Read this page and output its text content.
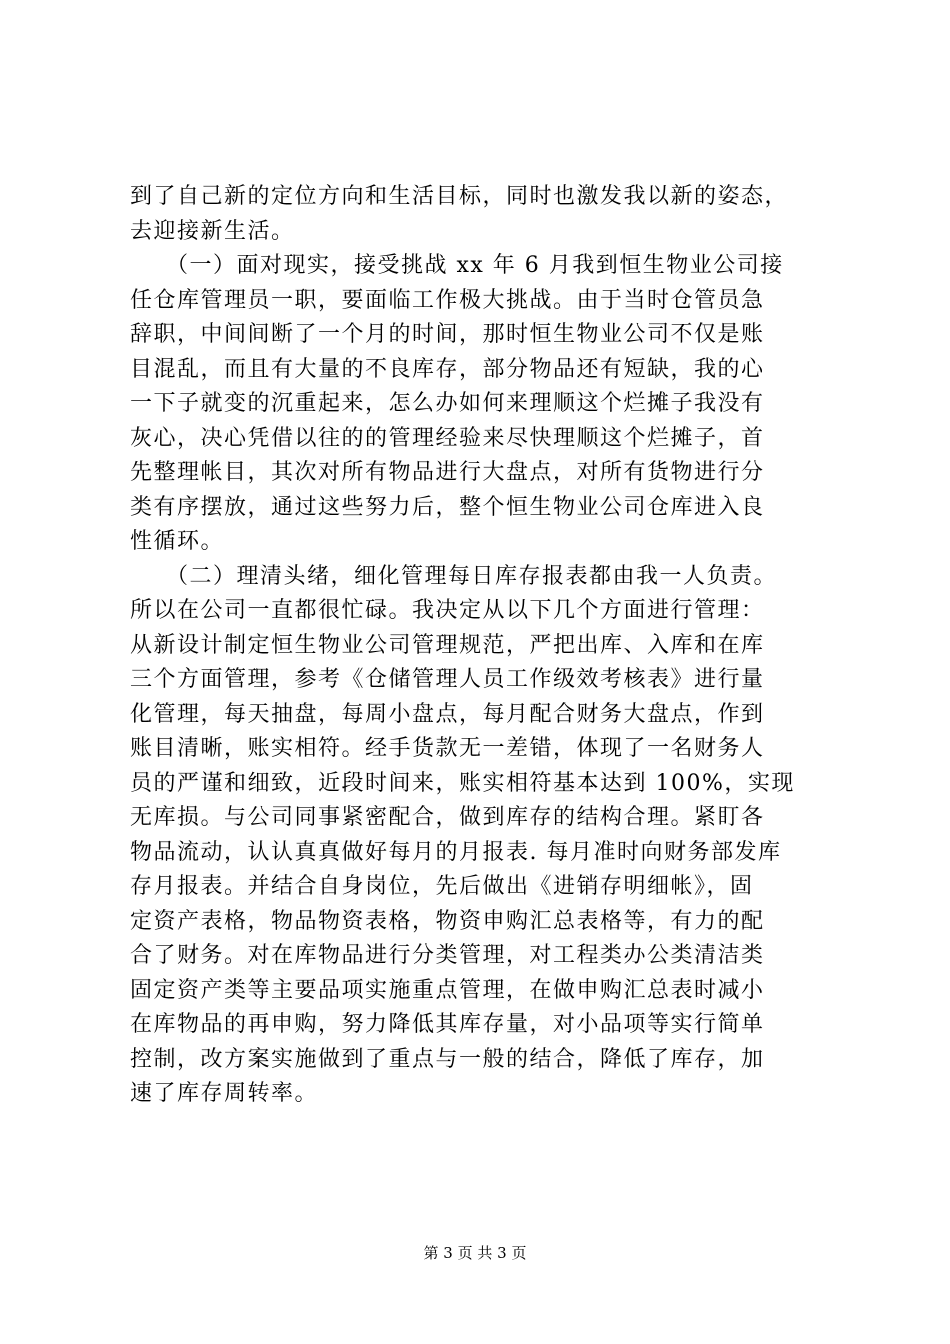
到了自己新的定位方向和生活目标，同时也激发我以新的姿态，
去迎接新生活。
　　（一）面对现实，接受挑战 xx 年 6 月我到恒生物业公司接
任仓库管理员一职，要面临工作极大挑战。由于当时仓管员急
辞职，中间间断了一个月的时间，那时恒生物业公司不仅是账
目混乱，而且有大量的不良库存，部分物品还有短缺，我的心
一下子就变的沉重起来，怎么办如何来理顺这个烂摊子我没有
灰心，决心凭借以往的的管理经验来尽快理顺这个烂摊子，首
先整理帐目，其次对所有物品进行大盘点，对所有货物进行分
类有序摆放，通过这些努力后，整个恒生物业公司仓库进入良
性循环。
　　（二）理清头绪，细化管理每日库存报表都由我一人负责。
所以在公司一直都很忙碌。我决定从以下几个方面进行管理：
从新设计制定恒生物业公司管理规范，严把出库、入库和在库
三个方面管理，参考《仓储管理人员工作级效考核表》进行量
化管理，每天抽盘，每周小盘点，每月配合财务大盘点，作到
账目清晰，账实相符。经手货款无一差错，体现了一名财务人
员的严谨和细致，近段时间来，账实相符基本达到 100%，实现
无库损。与公司同事紧密配合，做到库存的结构合理。紧盯各
物品流动，认认真真做好每月的月报表. 每月准时向财务部发库
存月报表。并结合自身岗位，先后做出《进销存明细帐》，固
定资产表格，物品物资表格，物资申购汇总表格等，有力的配
合了财务。对在库物品进行分类管理，对工程类办公类清洁类
固定资产类等主要品项实施重点管理，在做申购汇总表时减小
在库物品的再申购，努力降低其库存量，对小品项等实行简单
控制，改方案实施做到了重点与一般的结合，降低了库存，加
速了库存周转率。
第 3 页 共 3 页
